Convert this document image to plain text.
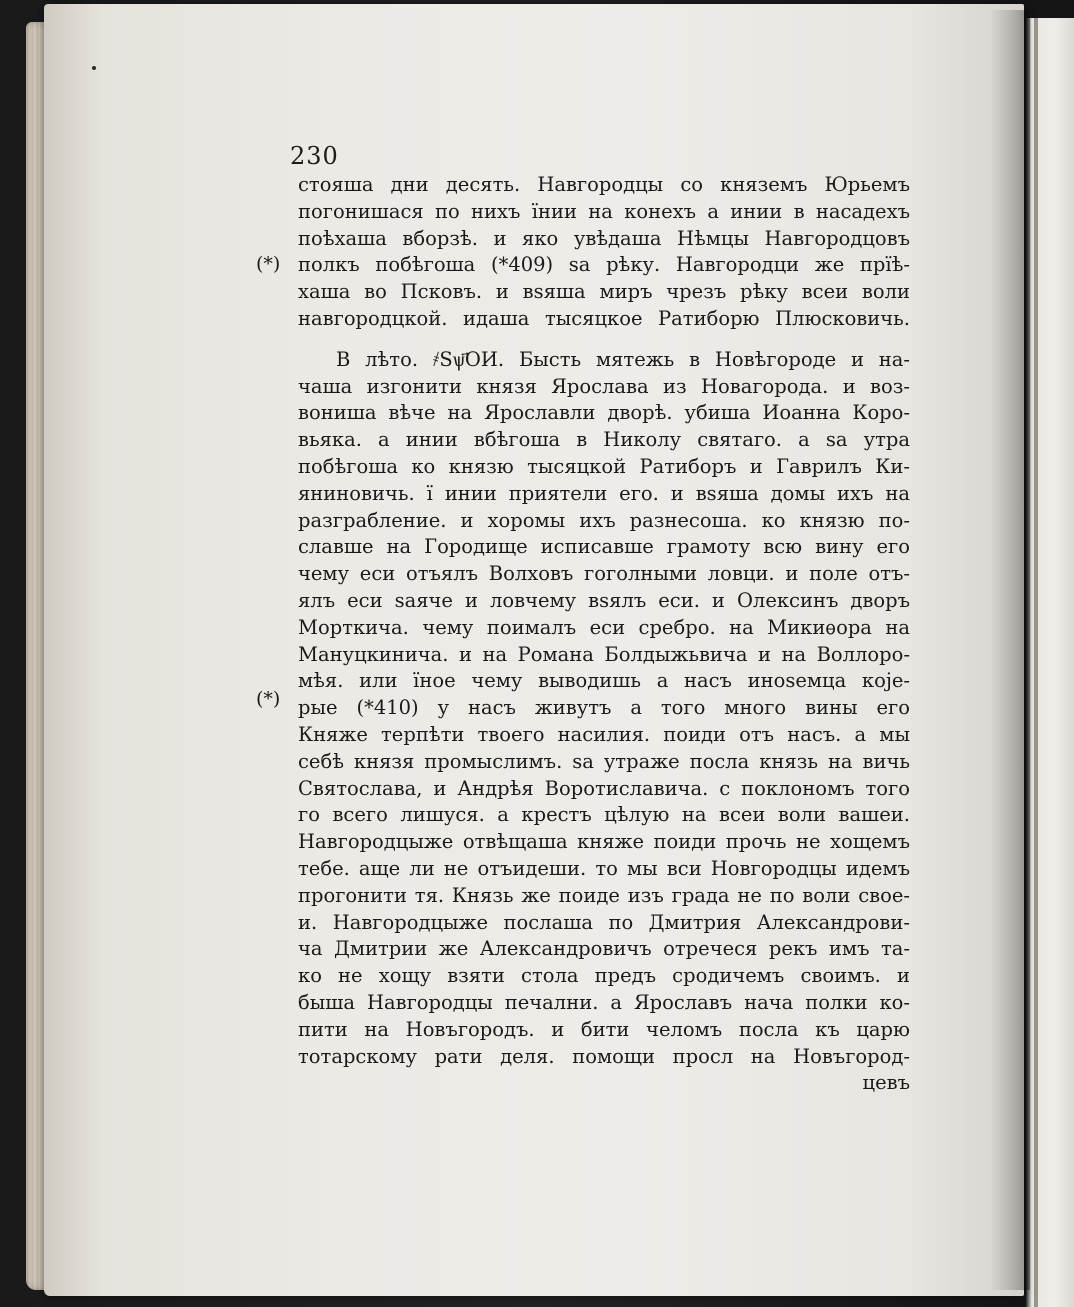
230
(*)
(*)
стояша дни десять. Навгородцы со княземъ Юрьемъ
погонишася по нихъ їнии на конехъ а инии в насадехъ
поѣхаша вборзѣ. и яко увѣдаша Нѣмцы Навгородцовъ
полкъ побѣгоша (*409) ѕа рѣку. Навгородци же прїѣ-
хаша во Псковъ. и вѕяша миръ чрезъ рѣку всеи воли
навгородцкой. идаша тысяцкое Ратиборю Плюсковичь.
В лѣто. ҂Ѕѱ҃ОИ. Бысть мятежь в Новѣгороде и на-
чаша изгонити князя Ярослава из Новагорода. и воз-
вониша вѣче на Ярославли дворѣ. убиша Иоанна Коро-
вьяка. а инии вбѣгоша в Николу святаго. а ѕа утра
побѣгоша ко князю тысяцкой Ратиборъ и Гаврилъ Ки-
яниновичь. ї инии приятели его. и вѕяша домы ихъ на
разграбление. и хоромы ихъ разнесоша. ко князю по-
славше на Городище исписавше грамоту всю вину его
чему еси отъялъ Волховъ гоголными ловци. и поле отъ-
ялъ еси ѕаяче и ловчему вѕялъ еси. и Олексинъ дворъ
Морткича. чему поималъ еси сребро. на Микиѳора на
Мануцкинича. и на Романа Болдыжьвича и на Воллоро-
мѣя. или їное чему выводишь а насъ иноѕемца које-
рые (*410) у насъ живутъ а того много вины его
Княже терпѣти твоего насилия. поиди отъ насъ. а мы
себѣ князя промыслимъ. ѕа утраже посла князь на вичь
Святослава, и Андрѣя Воротиславича. с поклономъ того
го всего лишуся. а крестъ цѣлую на всеи воли вашеи.
Навгородцыже отвѣщаша княже поиди прочь не хощемъ
тебе. аще ли не отъидеши. то мы вси Новгородцы идемъ
прогонити тя. Князь же поиде изъ града не по воли свое-
и. Навгородцыже послаша по Дмитрия Александрови-
ча Дмитрии же Александровичъ отречеся рекъ имъ та-
ко не хощу взяти стола предъ сродичемъ своимъ. и
быша Навгородцы печални. а Ярославъ нача полки ко-
пити на Новъгородъ. и бити челомъ посла къ царю
тотарскому рати деля. помощи просл на Новъгород-
цевъ
